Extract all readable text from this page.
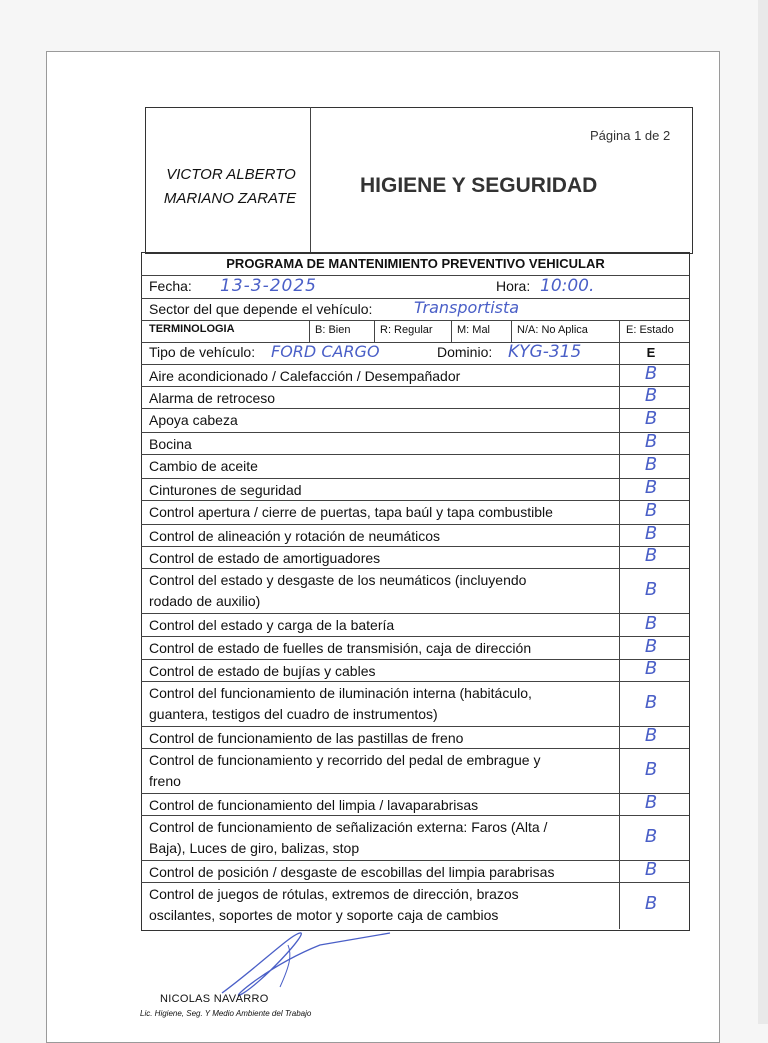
Página 1 de 2
VICTOR ALBERTO
MARIANO ZARATE
HIGIENE Y SEGURIDAD
PROGRAMA DE MANTENIMIENTO PREVENTIVO VEHICULAR
Fecha: 13-3-2025	Hora: 10:00.
Sector del que depende el vehículo:	Transportista
TERMINOLOGIA	B: Bien	R: Regular M: Mal N/A: No Aplica	E: Estado
Tipo de vehículo: FORD CARGO	Dominio: KYG-315	E
Aire acondicionado / Calefacción / Desempañador	B
Alarma de retroceso	B
Apoya cabeza	B
Bocina	B
Cambio de aceite	B
Cinturones de seguridad	B
Control apertura / cierre de puertas, tapa baúl y tapa combustible	B
Control de alineación y rotación de neumáticos	B
Control de estado de amortiguadores	B
Control del estado y desgaste de los neumáticos (incluyendo
rodado de auxilio)
B
Control del estado y carga de la batería	B
Control de estado de fuelles de transmisión, caja de dirección	B
Control de estado de bujías y cables	B
Control del funcionamiento de iluminación interna (habitáculo,
guantera, testigos del cuadro de instrumentos)
B
Control de funcionamiento de las pastillas de freno	B
Control de funcionamiento y recorrido del pedal de embrague y
freno
B
Control de funcionamiento del limpia / lavaparabrisas	B
Control de funcionamiento de señalización externa: Faros (Alta /
Baja), Luces de giro, balizas, stop
B
Control de posición / desgaste de escobillas del limpia parabrisas	B
Control de juegos de rótulas, extremos de dirección, brazos
oscilantes, soportes de motor y soporte caja de cambios
B
NICOLAS NAVARRO
Lic. Higiene, Seg. Y Medio Ambiente del Trabajo
